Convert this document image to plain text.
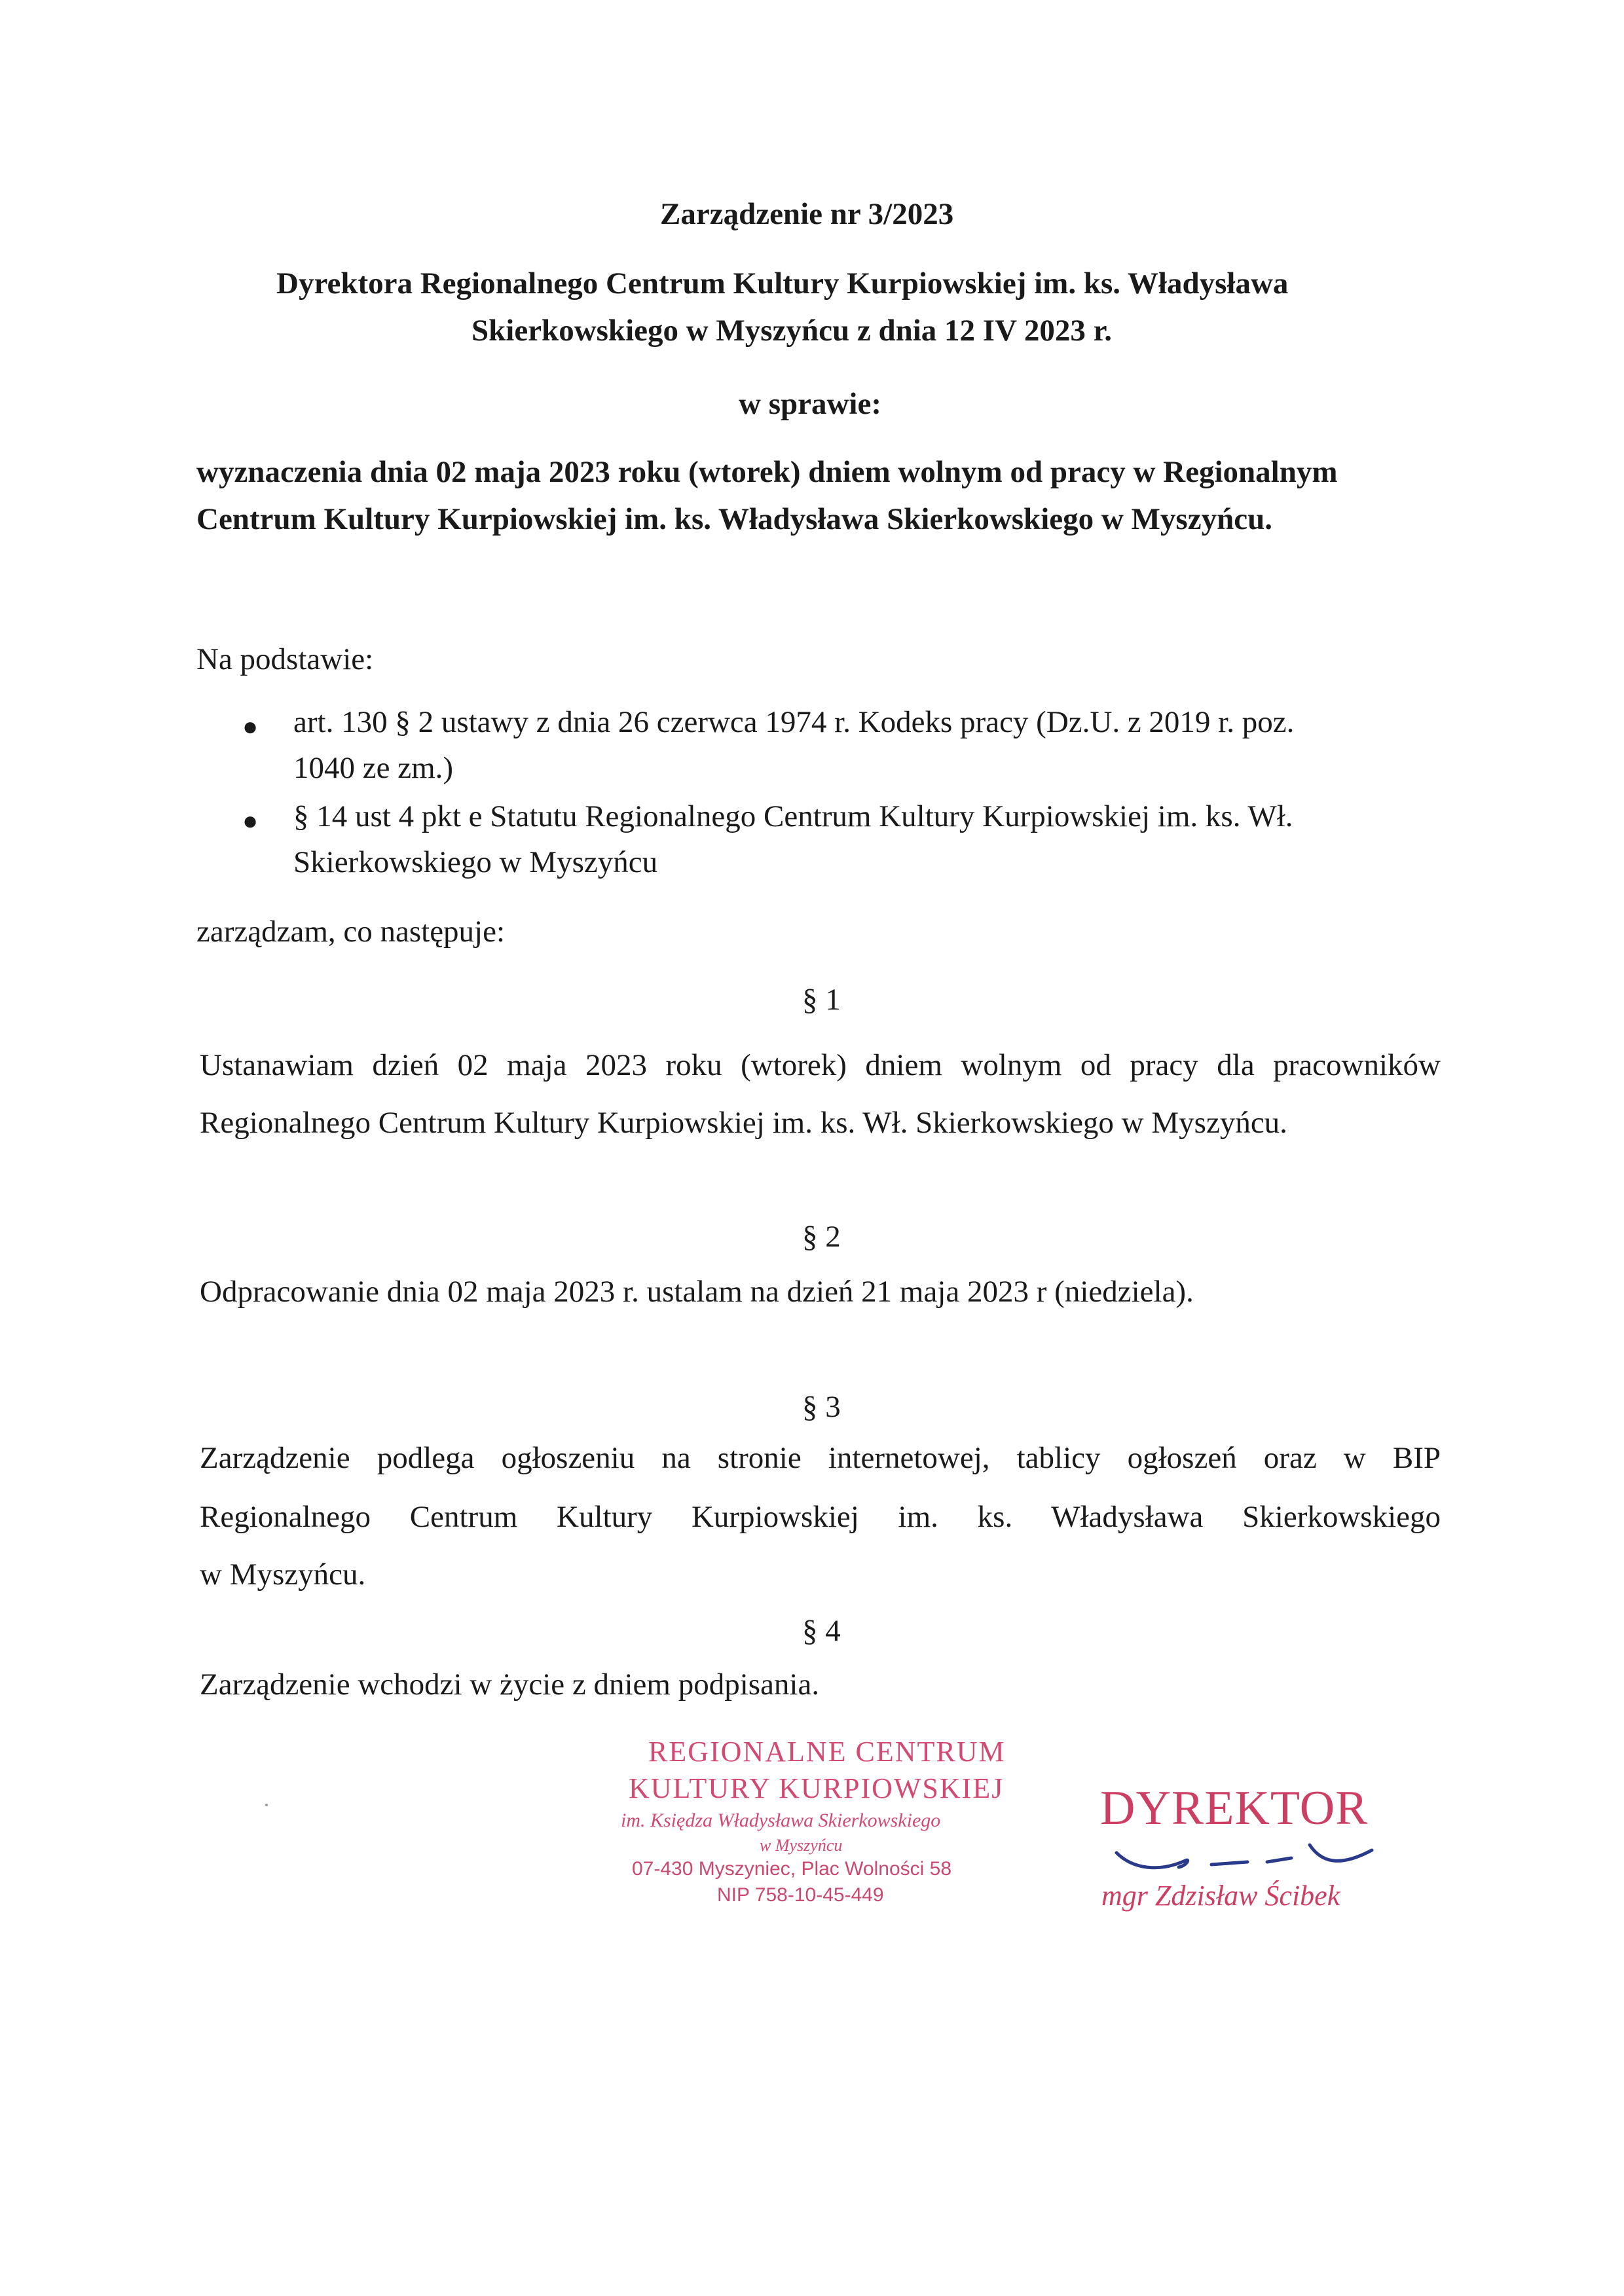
Zarządzenie nr 3/2023
Dyrektora Regionalnego Centrum Kultury Kurpiowskiej im. ks. Władysława
Skierkowskiego w Myszyńcu z dnia 12 IV 2023 r.
w sprawie:
wyznaczenia dnia 02 maja 2023 roku (wtorek) dniem wolnym od pracy w Regionalnym
Centrum Kultury Kurpiowskiej im. ks. Władysława Skierkowskiego w Myszyńcu.
Na podstawie:
● art. 130 § 2 ustawy z dnia 26 czerwca 1974 r. Kodeks pracy (Dz.U. z 2019 r. poz.
1040 ze zm.)
● § 14 ust 4 pkt e Statutu Regionalnego Centrum Kultury Kurpiowskiej im. ks. Wł.
Skierkowskiego w Myszyńcu
zarządzam, co następuje:
§ 1
Ustanawiam dzień 02 maja 2023 roku (wtorek) dniem wolnym od pracy dla pracowników
Regionalnego Centrum Kultury Kurpiowskiej im. ks. Wł. Skierkowskiego w Myszyńcu.
§ 2
Odpracowanie dnia 02 maja 2023 r. ustalam na dzień 21 maja 2023 r (niedziela).
§ 3
Zarządzenie podlega ogłoszeniu na stronie internetowej, tablicy ogłoszeń oraz w BIP
Regionalnego Centrum Kultury Kurpiowskiej im. ks. Władysława Skierkowskiego
w Myszyńcu.
§ 4
Zarządzenie wchodzi w życie z dniem podpisania.
REGIONALNE CENTRUM
KULTURY KURPIOWSKIEJ
im. Księdza Władysława Skierkowskiego
w Myszyńcu
07-430 Myszyniec, Plac Wolności 58
NIP 758-10-45-449
DYREKTOR
mgr Zdzisław Ścibek
